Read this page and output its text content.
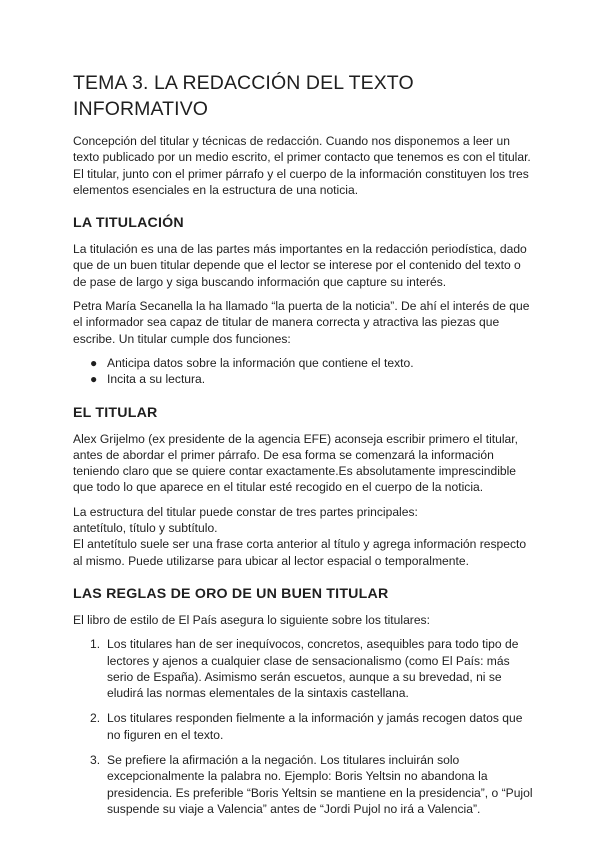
TEMA 3. LA REDACCIÓN DEL TEXTO INFORMATIVO

Concepción del titular y técnicas de redacción. Cuando nos disponemos a leer un texto publicado por un medio escrito, el primer contacto que tenemos es con el titular. El titular, junto con el primer párrafo y el cuerpo de la información constituyen los tres elementos esenciales en la estructura de una noticia.

LA TITULACIÓN

La titulación es una de las partes más importantes en la redacción periodística, dado que de un buen titular depende que el lector se interese por el contenido del texto o de pase de largo y siga buscando información que capture su interés.

Petra María Secanella la ha llamado “la puerta de la noticia”. De ahí el interés de que el informador sea capaz de titular de manera correcta y atractiva las piezas que escribe. Un titular cumple dos funciones:

● Anticipa datos sobre la información que contiene el texto.
● Incita a su lectura.
EL TITULAR

Alex Grijelmo (ex presidente de la agencia EFE) aconseja escribir primero el titular, antes de abordar el primer párrafo. De esa forma se comenzará la información teniendo claro que se quiere contar exactamente.Es absolutamente imprescindible que todo lo que aparece en el titular esté recogido en el cuerpo de la noticia.

La estructura del titular puede constar de tres partes principales:

antetítulo, título y subtítulo.

El antetítulo suele ser una frase corta anterior al título y agrega información respecto al mismo. Puede utilizarse para ubicar al lector espacial o temporalmente.

LAS REGLAS DE ORO DE UN BUEN TITULAR

El libro de estilo de El País asegura lo siguiente sobre los titulares:

1. Los titulares han de ser inequívocos, concretos, asequibles para todo tipo de lectores y ajenos a cualquier clase de sensacionalismo (como El País: más serio de España). Asimismo serán escuetos, aunque a su brevedad, ni se eludirá las normas elementales de la sintaxis castellana.
2. Los titulares responden fielmente a la información y jamás recogen datos que no figuren en el texto.
3. Se prefiere la afirmación a la negación. Los titulares incluirán solo excepcionalmente la palabra no. Ejemplo: Boris Yeltsin no abandona la presidencia. Es preferible “Boris Yeltsin se mantiene en la presidencia”, o “Pujol suspende su viaje a Valencia” antes de “Jordi Pujol no irá a Valencia”.
